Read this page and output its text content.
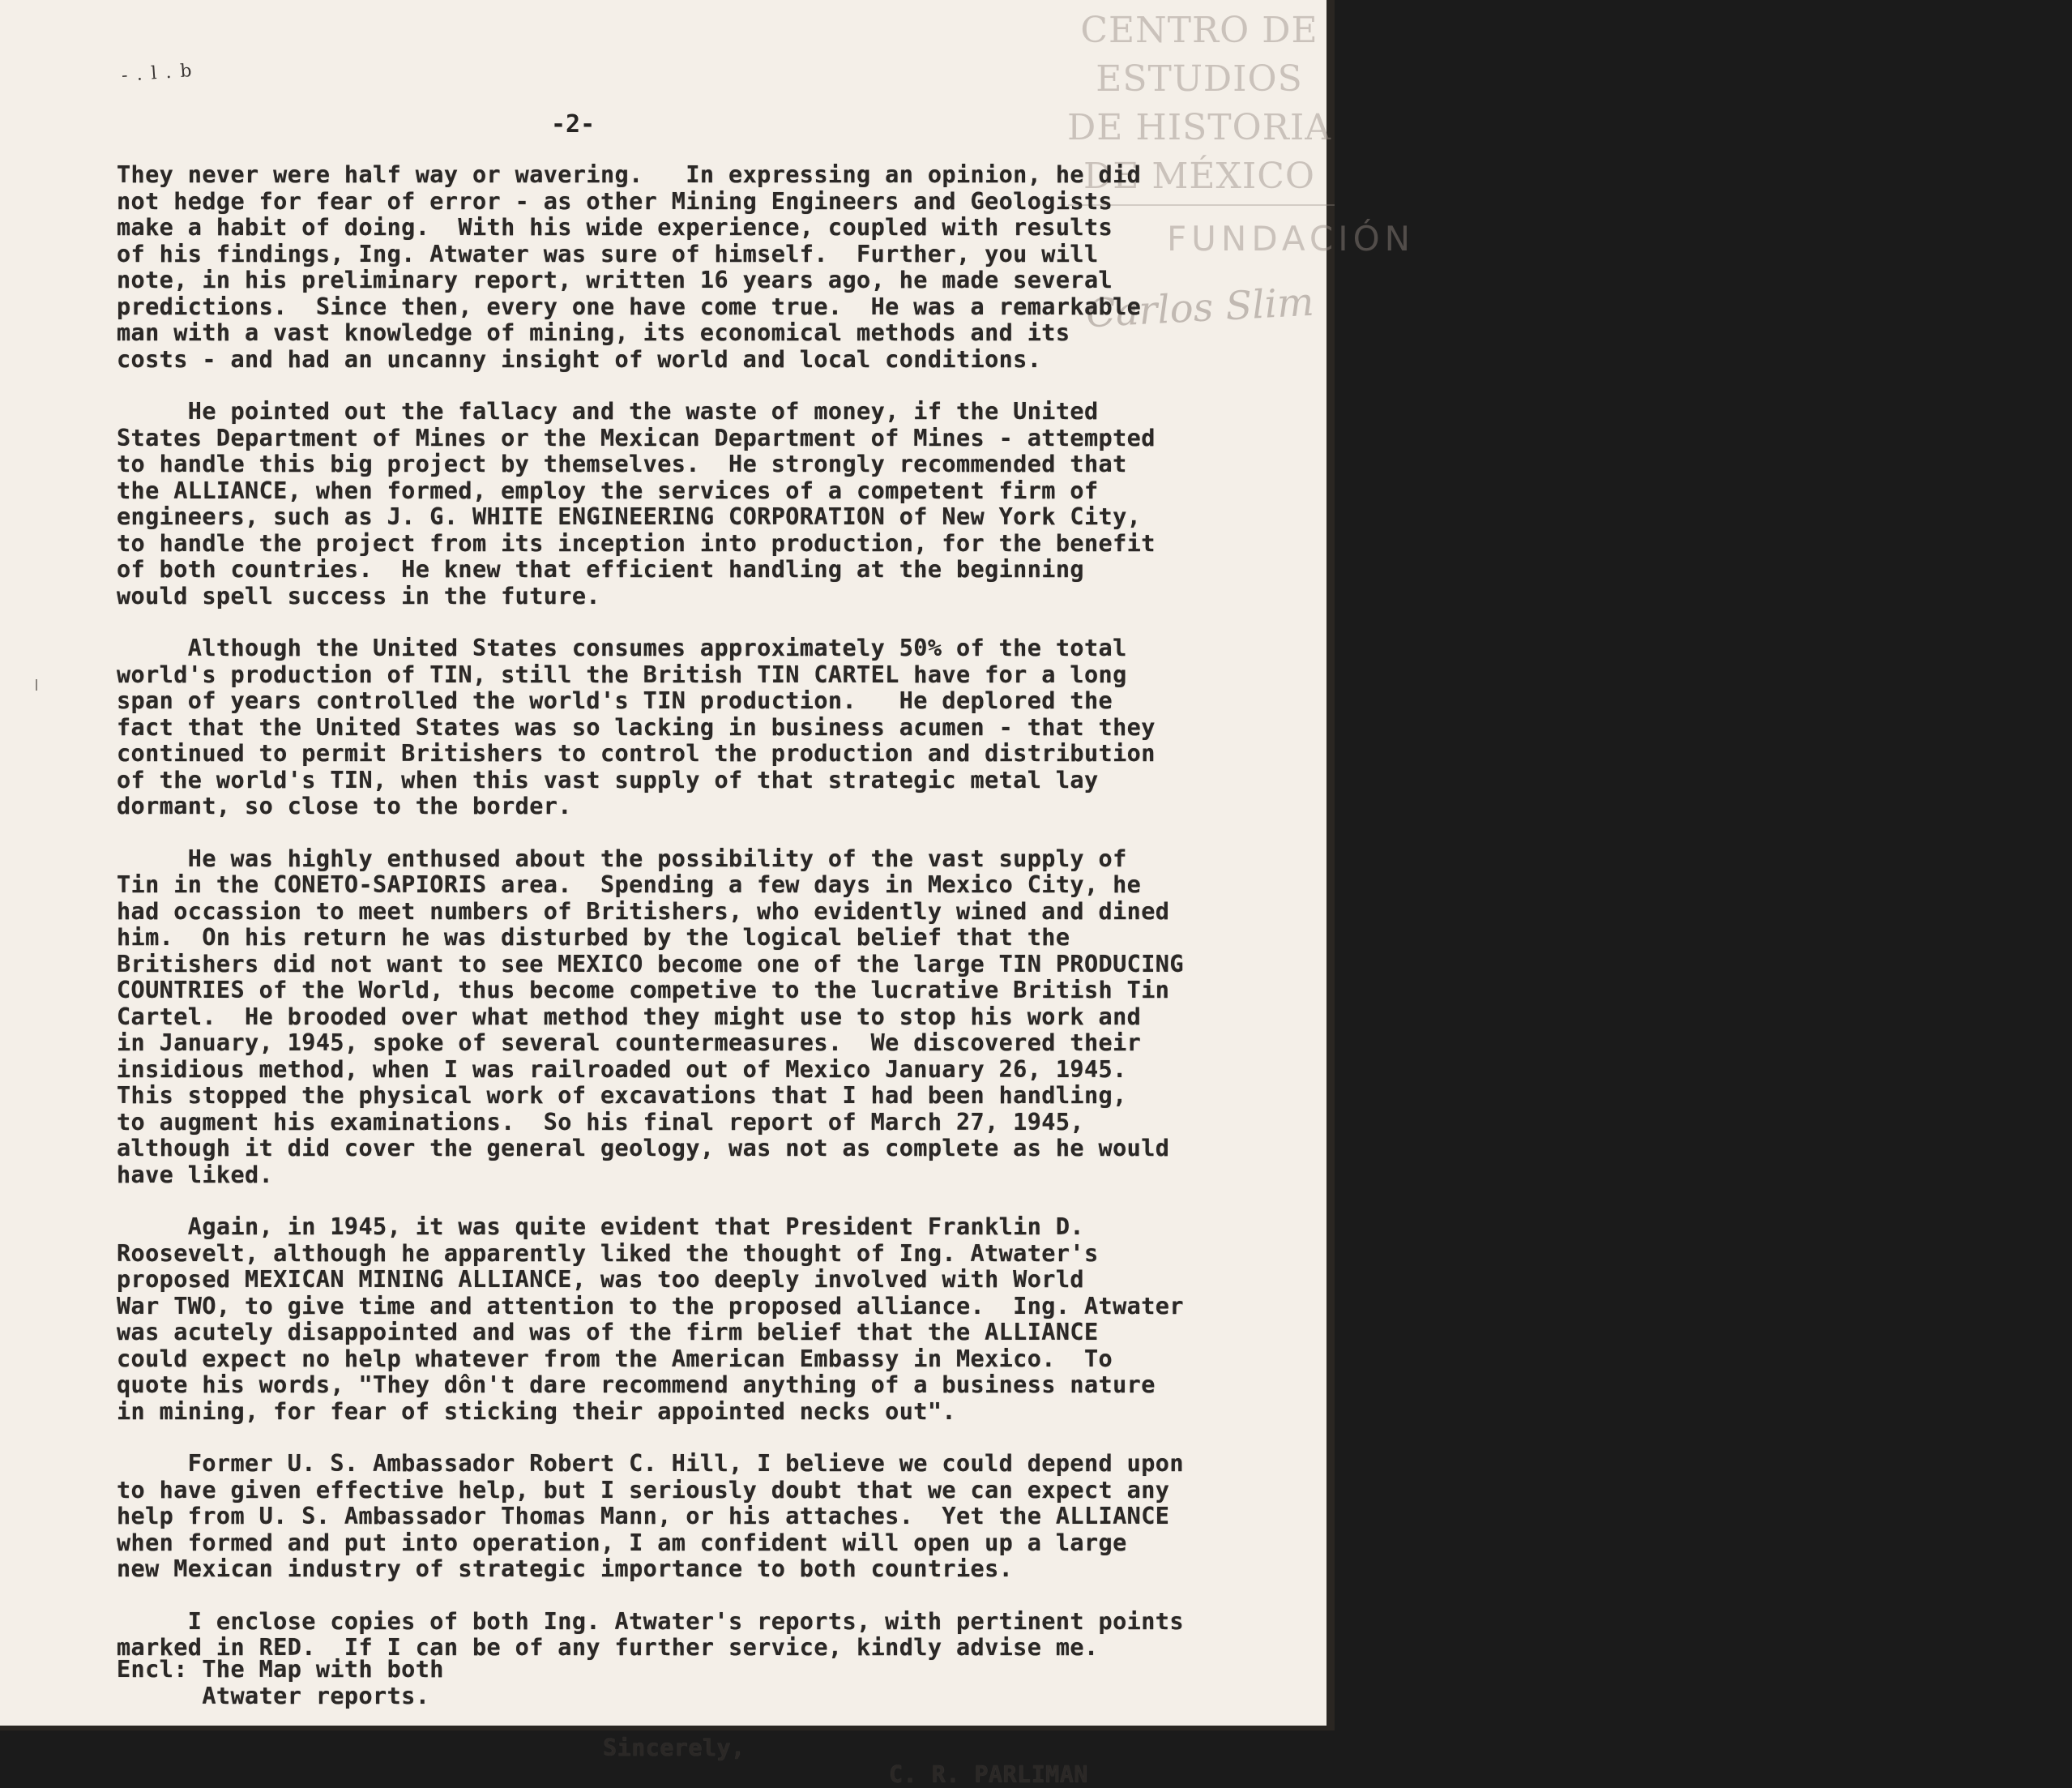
CENTRO DE
ESTUDIOS
DE HISTORIA
DE MÉXICO
FUNDACIÓN
Carlos Slim
- . l . b
-2-
They never were half way or wavering.   In expressing an opinion, he did
not hedge for fear of error - as other Mining Engineers and Geologists
make a habit of doing.  With his wide experience, coupled with results
of his findings, Ing. Atwater was sure of himself.  Further, you will
note, in his preliminary report, written 16 years ago, he made several
predictions.  Since then, every one have come true.  He was a remarkable
man with a vast knowledge of mining, its economical methods and its
costs - and had an uncanny insight of world and local conditions.
He pointed out the fallacy and the waste of money, if the United
States Department of Mines or the Mexican Department of Mines - attempted
to handle this big project by themselves.  He strongly recommended that
the ALLIANCE, when formed, employ the services of a competent firm of
engineers, such as J. G. WHITE ENGINEERING CORPORATION of New York City,
to handle the project from its inception into production, for the benefit
of both countries.  He knew that efficient handling at the beginning
would spell success in the future.
Although the United States consumes approximately 50% of the total
world's production of TIN, still the British TIN CARTEL have for a long
span of years controlled the world's TIN production.   He deplored the
fact that the United States was so lacking in business acumen - that they
continued to permit Britishers to control the production and distribution
of the world's TIN, when this vast supply of that strategic metal lay
dormant, so close to the border.
He was highly enthused about the possibility of the vast supply of
Tin in the CONETO-SAPIORIS area.  Spending a few days in Mexico City, he
had occassion to meet numbers of Britishers, who evidently wined and dined
him.  On his return he was disturbed by the logical belief that the
Britishers did not want to see MEXICO become one of the large TIN PRODUCING
COUNTRIES of the World, thus become competive to the lucrative British Tin
Cartel.  He brooded over what method they might use to stop his work and
in January, 1945, spoke of several countermeasures.  We discovered their
insidious method, when I was railroaded out of Mexico January 26, 1945.
This stopped the physical work of excavations that I had been handling,
to augment his examinations.  So his final report of March 27, 1945,
although it did cover the general geology, was not as complete as he would
have liked.
Again, in 1945, it was quite evident that President Franklin D.
Roosevelt, although he apparently liked the thought of Ing. Atwater's
proposed MEXICAN MINING ALLIANCE, was too deeply involved with World
War TWO, to give time and attention to the proposed alliance.  Ing. Atwater
was acutely disappointed and was of the firm belief that the ALLIANCE
could expect no help whatever from the American Embassy in Mexico.  To
quote his words, "They dôn't dare recommend anything of a business nature
in mining, for fear of sticking their appointed necks out".
Former U. S. Ambassador Robert C. Hill, I believe we could depend upon
to have given effective help, but I seriously doubt that we can expect any
help from U. S. Ambassador Thomas Mann, or his attaches.  Yet the ALLIANCE
when formed and put into operation, I am confident will open up a large
new Mexican industry of strategic importance to both countries.
I enclose copies of both Ing. Atwater's reports, with pertinent points
marked in RED.  If I can be of any further service, kindly advise me.
Encl: The Map with both
Atwater reports.
Sincerely,
C. R. PARLIMAN
